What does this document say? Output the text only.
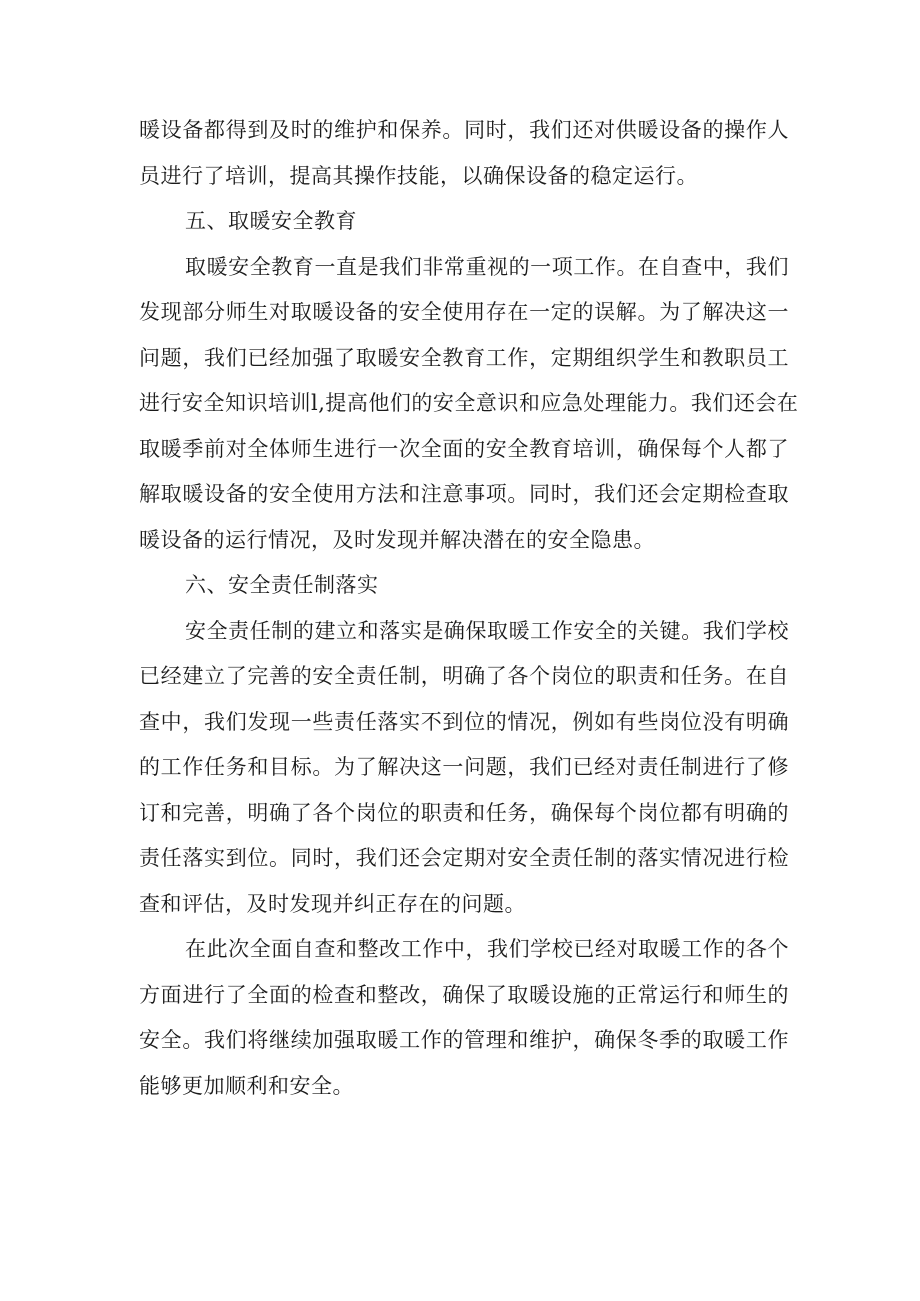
暖设备都得到及时的维护和保养。同时，我们还对供暖设备的操作人
员进行了培训，提高其操作技能，以确保设备的稳定运行。
五、取暖安全教育
取暖安全教育一直是我们非常重视的一项工作。在自查中，我们
发现部分师生对取暖设备的安全使用存在一定的误解。为了解决这一
问题，我们已经加强了取暖安全教育工作，定期组织学生和教职员工
进行安全知识培训l,提高他们的安全意识和应急处理能力。我们还会在
取暖季前对全体师生进行一次全面的安全教育培训，确保每个人都了
解取暖设备的安全使用方法和注意事项。同时，我们还会定期检查取
暖设备的运行情况，及时发现并解决潜在的安全隐患。
六、安全责任制落实
安全责任制的建立和落实是确保取暖工作安全的关键。我们学校
已经建立了完善的安全责任制，明确了各个岗位的职责和任务。在自
查中，我们发现一些责任落实不到位的情况，例如有些岗位没有明确
的工作任务和目标。为了解决这一问题，我们已经对责任制进行了修
订和完善，明确了各个岗位的职责和任务，确保每个岗位都有明确的
责任落实到位。同时，我们还会定期对安全责任制的落实情况进行检
查和评估，及时发现并纠正存在的问题。
在此次全面自查和整改工作中，我们学校已经对取暖工作的各个
方面进行了全面的检查和整改，确保了取暖设施的正常运行和师生的
安全。我们将继续加强取暖工作的管理和维护，确保冬季的取暖工作
能够更加顺利和安全。
